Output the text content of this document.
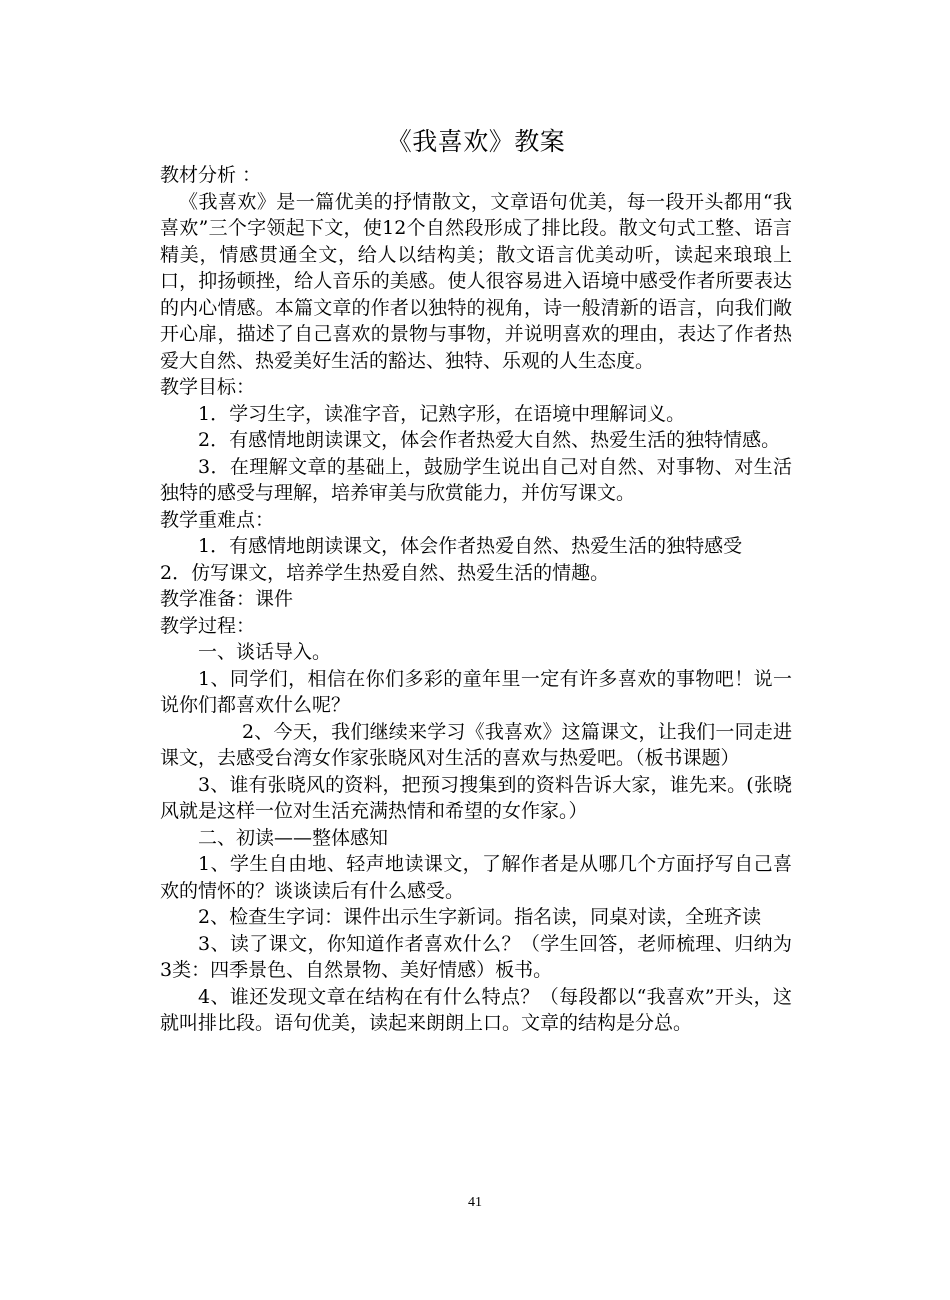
《我喜欢》教案

教材分析 ：

《我喜欢》是一篇优美的抒情散文，文章语句优美，每一段开头都用“我喜欢”三个字领起下文，使12个自然段形成了排比段。散文句式工整、语言精美，情感贯通全文，给人以结构美；散文语言优美动听，读起来琅琅上口，抑扬顿挫，给人音乐的美感。使人很容易进入语境中感受作者所要表达的内心情感。本篇文章的作者以独特的视角，诗一般清新的语言，向我们敞开心扉，描述了自己喜欢的景物与事物，并说明喜欢的理由，表达了作者热爱大自然、热爱美好生活的豁达、独特、乐观的人生态度。

教学目标：

1．学习生字，读准字音，记熟字形，在语境中理解词义。

2．有感情地朗读课文，体会作者热爱大自然、热爱生活的独特情感。

3．在理解文章的基础上，鼓励学生说出自己对自然、对事物、对生活独特的感受与理解，培养审美与欣赏能力，并仿写课文。

教学重难点：

1．有感情地朗读课文，体会作者热爱自然、热爱生活的独特感受

2．仿写课文，培养学生热爱自然、热爱生活的情趣。

教学准备：课件

教学过程：

一、谈话导入。

1、同学们，相信在你们多彩的童年里一定有许多喜欢的事物吧！说一说你们都喜欢什么呢？

2、今天，我们继续来学习《我喜欢》这篇课文，让我们一同走进课文，去感受台湾女作家张晓风对生活的喜欢与热爱吧。（板书课题）

3、谁有张晓风的资料，把预习搜集到的资料告诉大家，谁先来。(张晓风就是这样一位对生活充满热情和希望的女作家。）

二、初读——整体感知

1、学生自由地、轻声地读课文，了解作者是从哪几个方面抒写自己喜欢的情怀的？谈谈读后有什么感受。

2、检查生字词：课件出示生字新词。指名读，同桌对读，全班齐读

3、读了课文，你知道作者喜欢什么？（学生回答，老师梳理、归纳为3类：四季景色、自然景物、美好情感）板书。

4、谁还发现文章在结构在有什么特点？（每段都以“我喜欢”开头，这就叫排比段。语句优美，读起来朗朗上口。文章的结构是分总。

41
